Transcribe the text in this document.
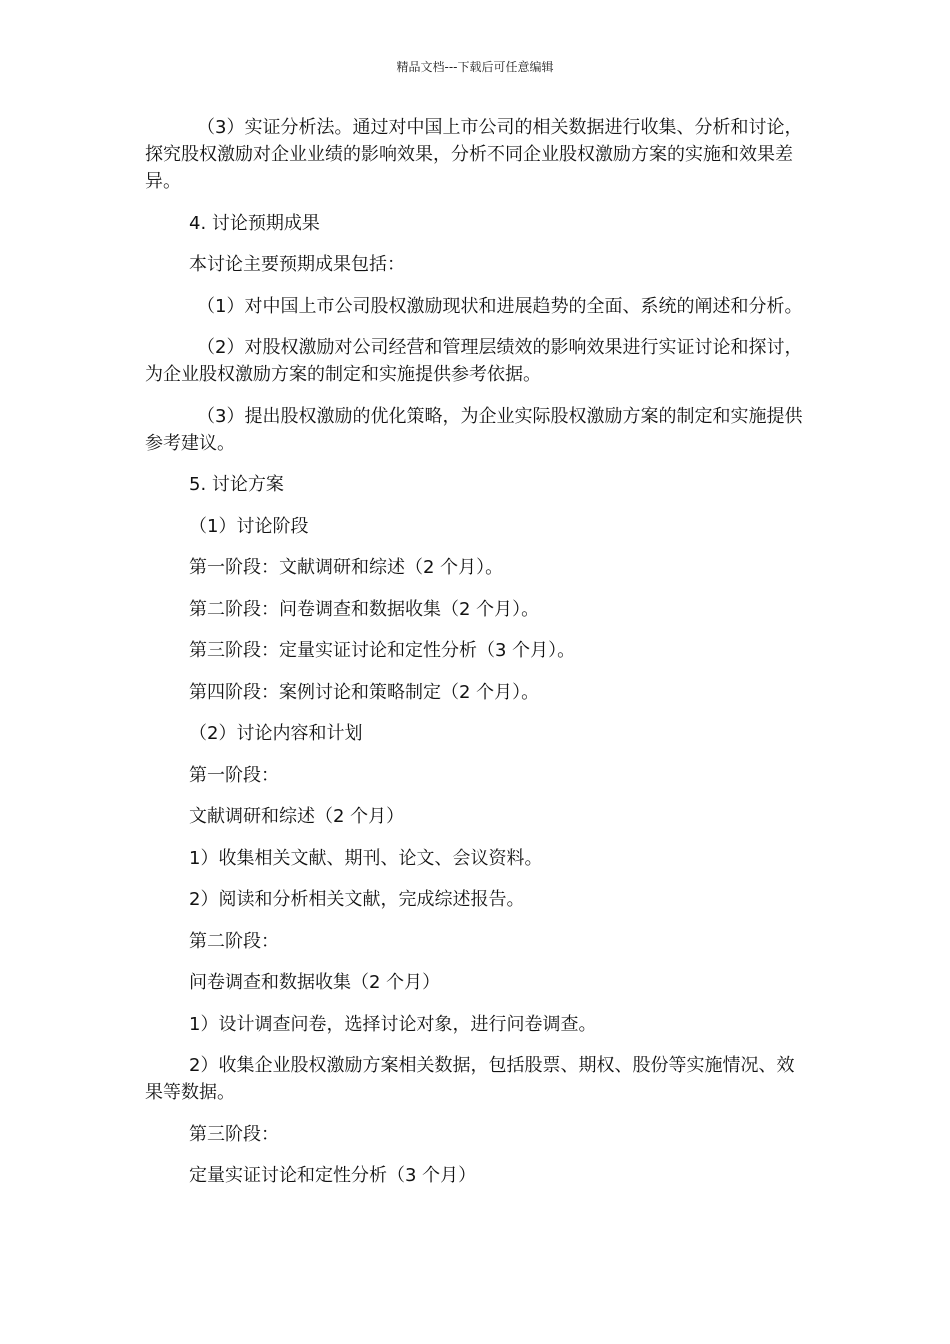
精品文档---下载后可任意编辑

（3）实证分析法。通过对中国上市公司的相关数据进行收集、分析和讨论，探究股权激励对企业业绩的影响效果，分析不同企业股权激励方案的实施和效果差异。

4. 讨论预期成果

本讨论主要预期成果包括：

（1）对中国上市公司股权激励现状和进展趋势的全面、系统的阐述和分析。

（2）对股权激励对公司经营和管理层绩效的影响效果进行实证讨论和探讨，为企业股权激励方案的制定和实施提供参考依据。

（3）提出股权激励的优化策略，为企业实际股权激励方案的制定和实施提供参考建议。

5. 讨论方案

（1）讨论阶段

第一阶段：文献调研和综述（2 个月）。

第二阶段：问卷调查和数据收集（2 个月）。

第三阶段：定量实证讨论和定性分析（3 个月）。

第四阶段：案例讨论和策略制定（2 个月）。

（2）讨论内容和计划

第一阶段：

文献调研和综述（2 个月）

1）收集相关文献、期刊、论文、会议资料。

2）阅读和分析相关文献，完成综述报告。

第二阶段：

问卷调查和数据收集（2 个月）

1）设计调查问卷，选择讨论对象，进行问卷调查。

2）收集企业股权激励方案相关数据，包括股票、期权、股份等实施情况、效果等数据。

第三阶段：

定量实证讨论和定性分析（3 个月）
